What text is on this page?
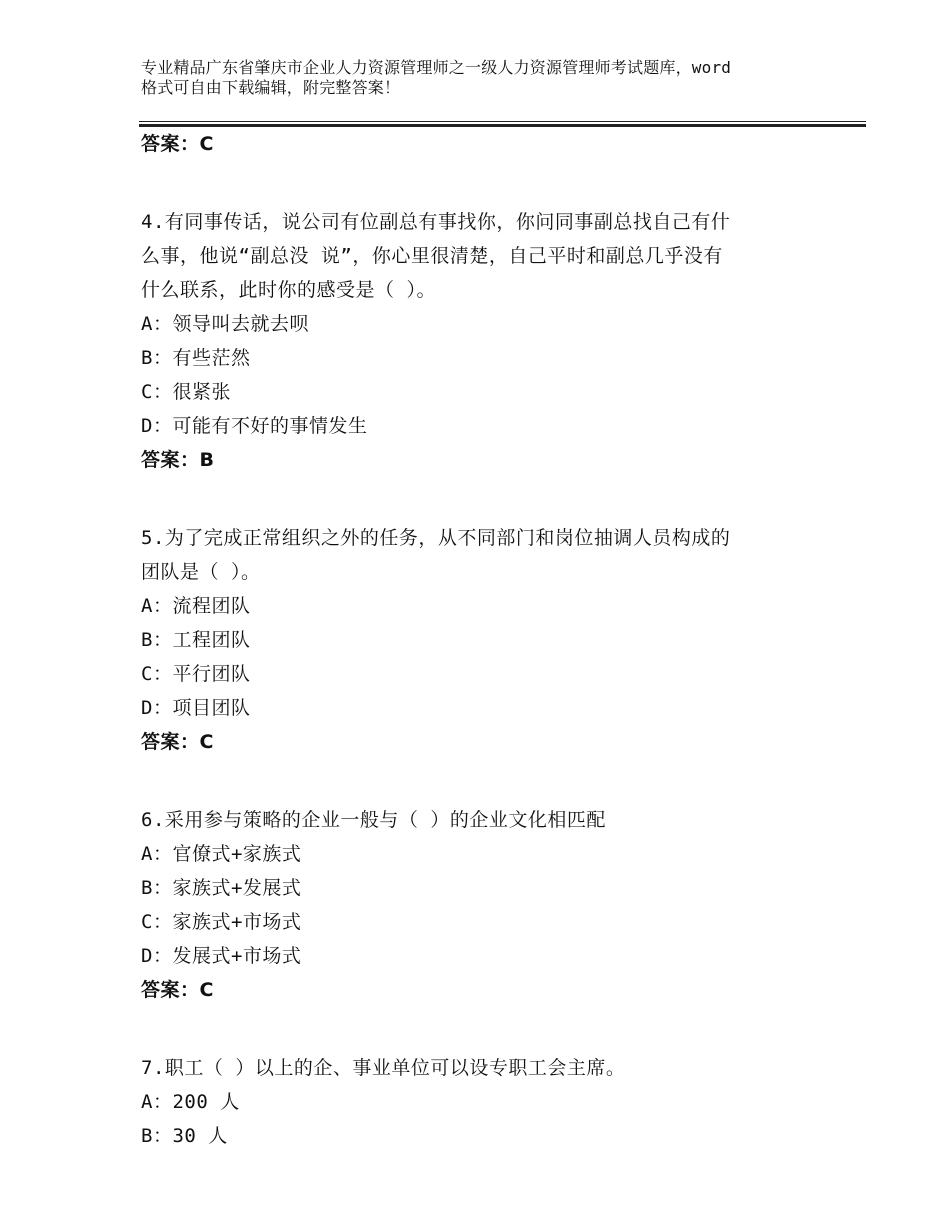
专业精品广东省肇庆市企业人力资源管理师之一级人力资源管理师考试题库，word
格式可自由下载编辑，附完整答案！
答案：C
4.有同事传话，说公司有位副总有事找你，你问同事副总找自己有什
么事，他说“副总没 说”，你心里很清楚，自己平时和副总几乎没有
什么联系，此时你的感受是（ ）。
A：领导叫去就去呗
B：有些茫然
C：很紧张
D：可能有不好的事情发生
答案：B
5.为了完成正常组织之外的任务，从不同部门和岗位抽调人员构成的
团队是（ ）。
A：流程团队
B：工程团队
C：平行团队
D：项目团队
答案：C
6.采用参与策略的企业一般与（ ）的企业文化相匹配
A：官僚式+家族式
B：家族式+发展式
C：家族式+市场式
D：发展式+市场式
答案：C
7.职工（ ）以上的企、事业单位可以设专职工会主席。
A：200 人
B：30 人
